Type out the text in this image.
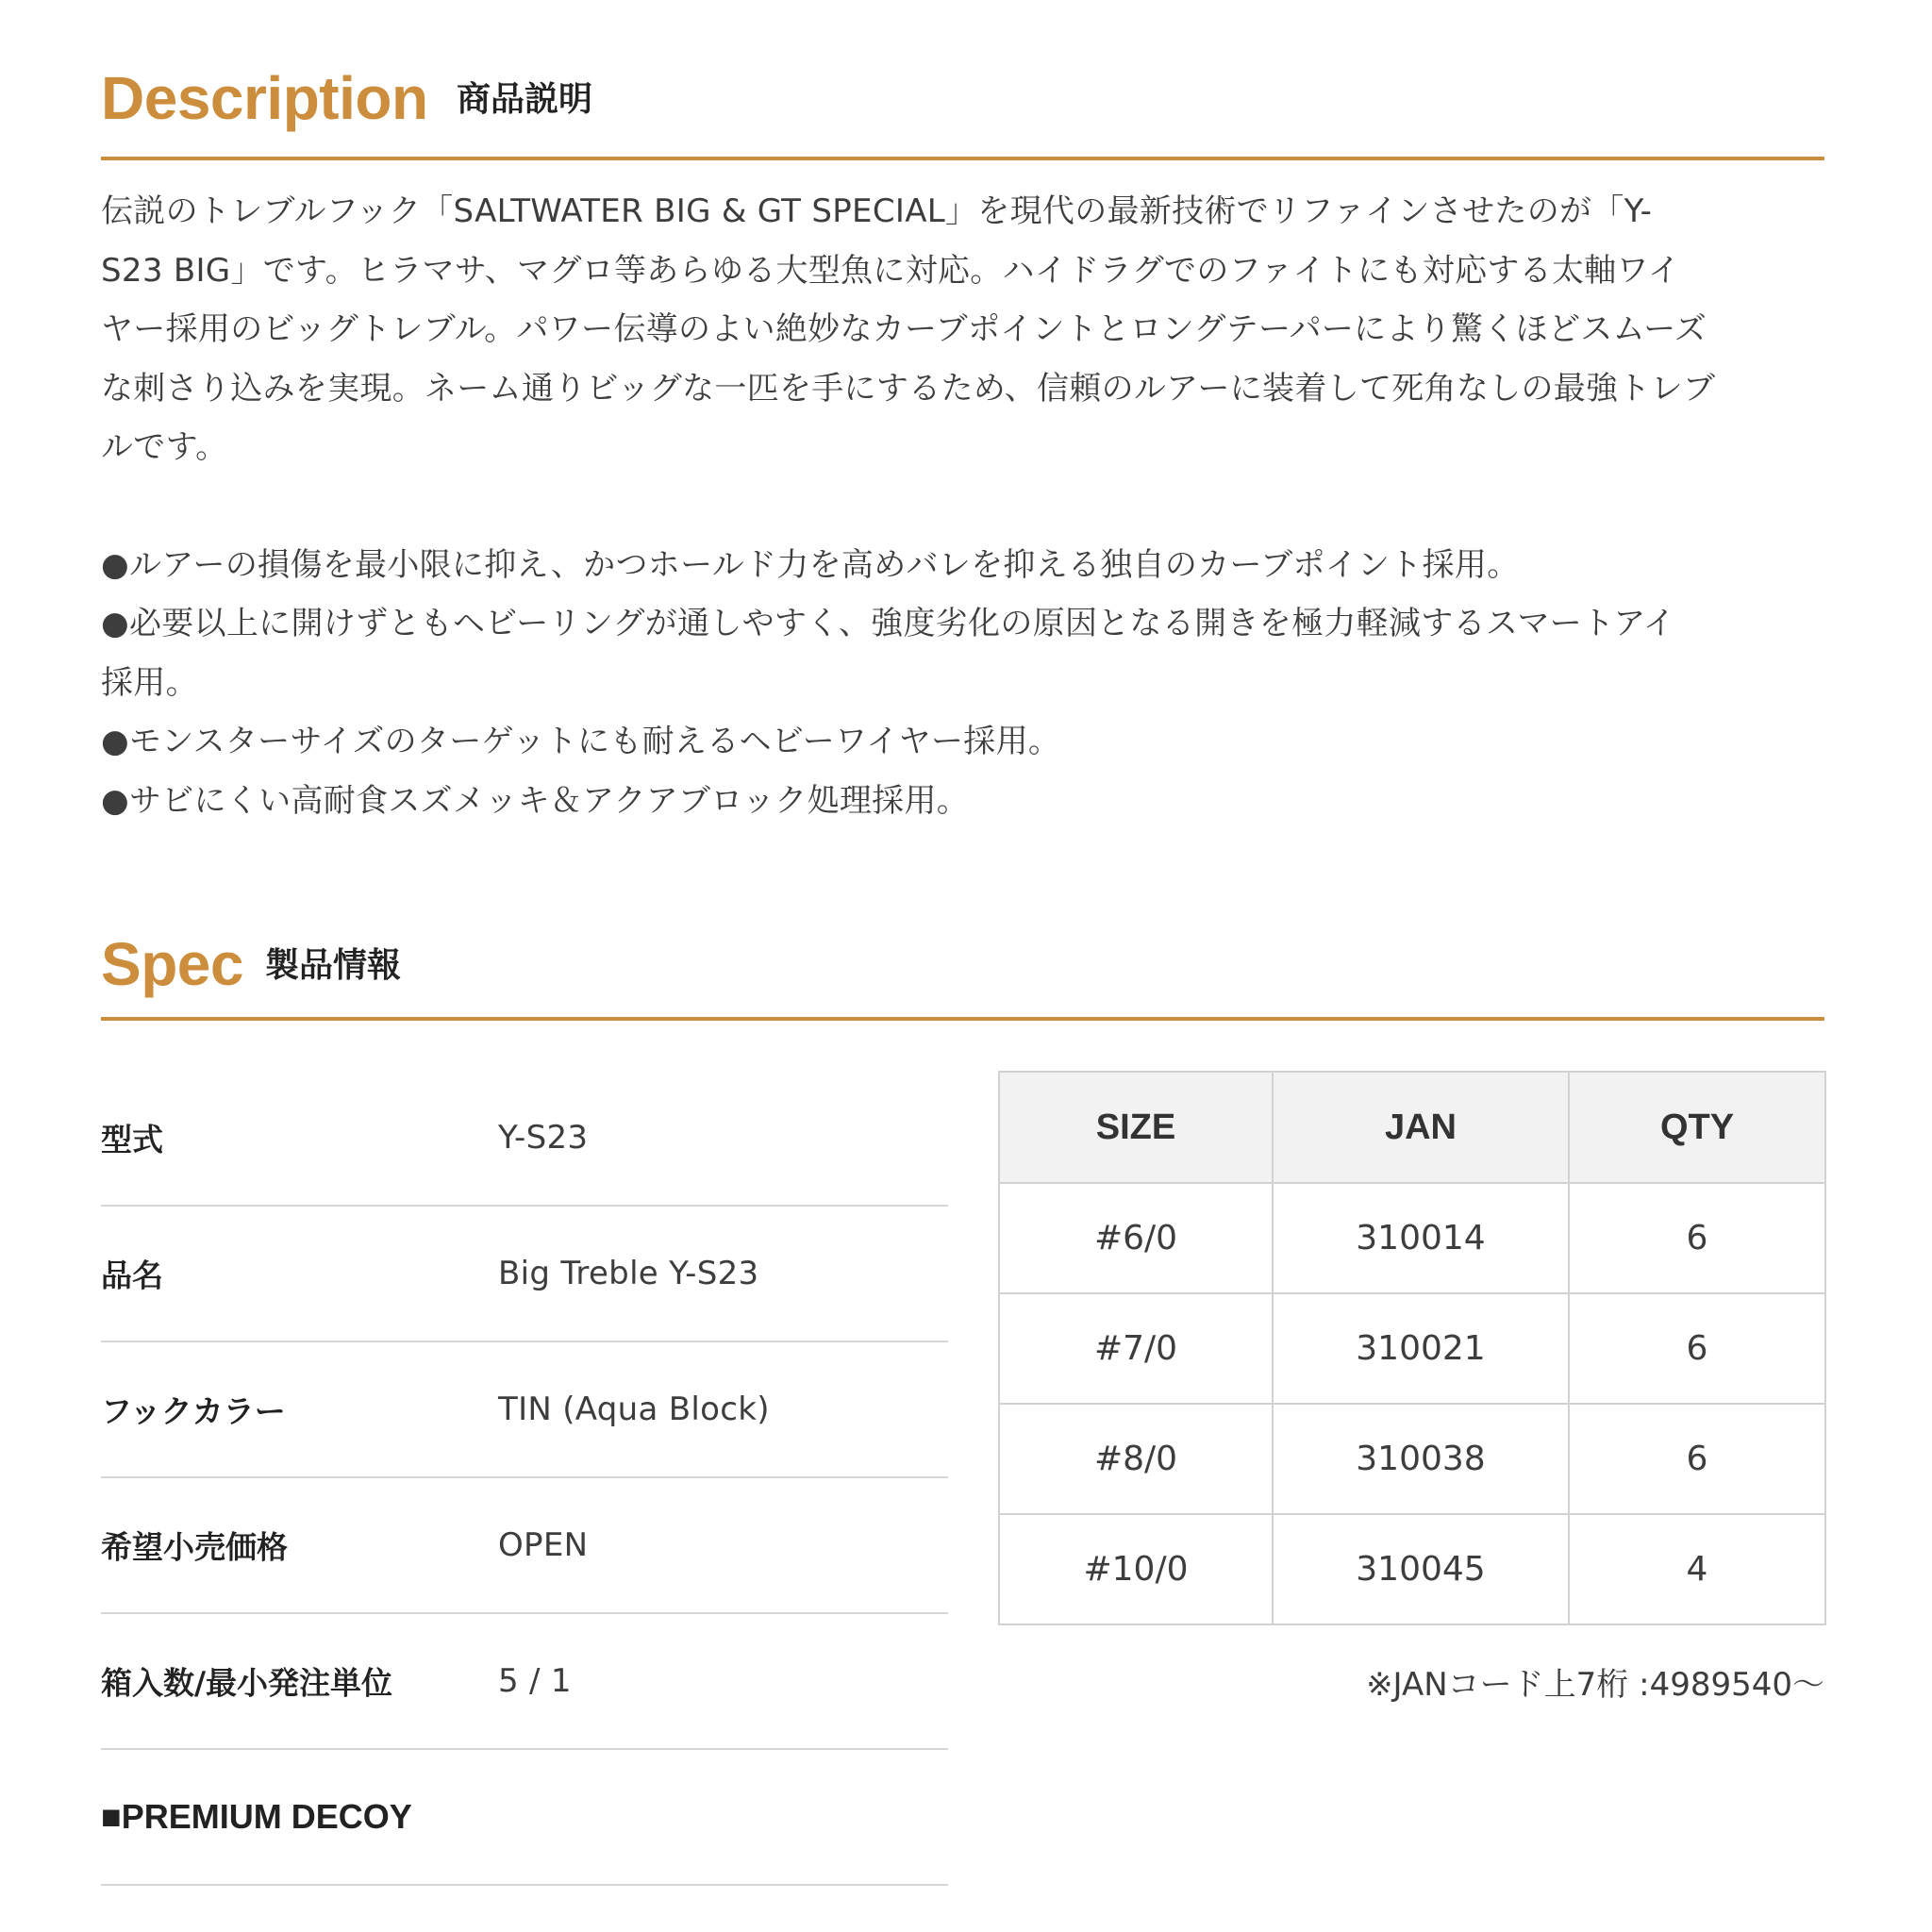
Description 商品説明

伝説のトレブルフック「SALTWATER BIG & GT SPECIAL」を現代の最新技術でリファインさせたのが「Y-
S23 BIG」です。ヒラマサ、マグロ等あらゆる大型魚に対応。ハイドラグでのファイトにも対応する太軸ワイ
ヤー採用のビッグトレブル。パワー伝導のよい絶妙なカーブポイントとロングテーパーにより驚くほどスムーズ
な刺さり込みを実現。ネーム通りビッグな一匹を手にするため、信頼のルアーに装着して死角なしの最強トレブ
ルです。

●ルアーの損傷を最小限に抑え、かつホールド力を高めバレを抑える独自のカーブポイント採用。
●必要以上に開けずともヘビーリングが通しやすく、強度劣化の原因となる開きを極力軽減するスマートアイ
採用。
●モンスターサイズのターゲットにも耐えるヘビーワイヤー採用。
●サビにくい高耐食スズメッキ＆アクアブロック処理採用。

Spec 製品情報
型式	Y-S23
品名	Big Treble Y-S23
フックカラー	TIN (Aqua Block)
希望小売価格	OPEN
箱入数/最小発注単位	5 / 1
■PREMIUM DECOY
SIZE	JAN	QTY
#6/0	310014	6
#7/0	310021	6
#8/0	310038	6
#10/0	310045	4
※JANコード上7桁 :4989540〜
